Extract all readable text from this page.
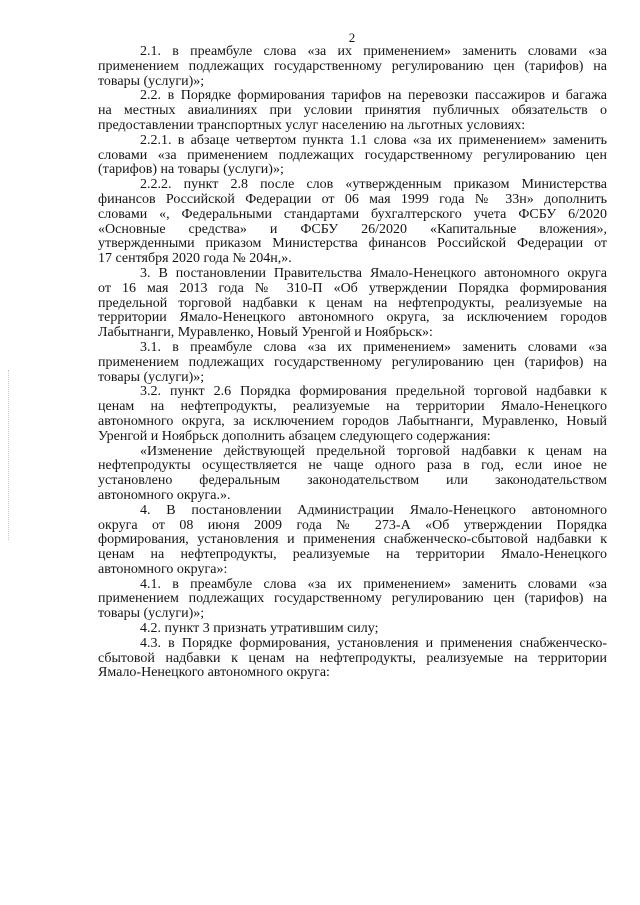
2
2.1. в преамбуле слова «за их применением» заменить словами «за
применением подлежащих государственному регулированию цен (тарифов) на
товары (услуги)»;
2.2. в Порядке формирования тарифов на перевозки пассажиров и багажа
на местных авиалиниях при условии принятия публичных обязательств о
предоставлении транспортных услуг населению на льготных условиях:
2.2.1. в абзаце четвертом пункта 1.1 слова «за их применением» заменить
словами «за применением подлежащих государственному регулированию цен
(тарифов) на товары (услуги)»;
2.2.2. пункт 2.8 после слов «утвержденным приказом Министерства
финансов Российской Федерации от 06 мая 1999 года № 33н» дополнить
словами «, Федеральными стандартами бухгалтерского учета ФСБУ 6/2020
«Основные средства» и ФСБУ 26/2020 «Капитальные вложения»,
утвержденными приказом Министерства финансов Российской Федерации от
17 сентября 2020 года № 204н,».
3. В постановлении Правительства Ямало-Ненецкого автономного округа
от 16 мая 2013 года № 310-П «Об утверждении Порядка формирования
предельной торговой надбавки к ценам на нефтепродукты, реализуемые на
территории Ямало-Ненецкого автономного округа, за исключением городов
Лабытнанги, Муравленко, Новый Уренгой и Ноябрьск»:
3.1. в преамбуле слова «за их применением» заменить словами «за
применением подлежащих государственному регулированию цен (тарифов) на
товары (услуги)»;
3.2. пункт 2.6 Порядка формирования предельной торговой надбавки к
ценам на нефтепродукты, реализуемые на территории Ямало-Ненецкого
автономного округа, за исключением городов Лабытнанги, Муравленко, Новый
Уренгой и Ноябрьск дополнить абзацем следующего содержания:
«Изменение действующей предельной торговой надбавки к ценам на
нефтепродукты осуществляется не чаще одного раза в год, если иное не
установлено федеральным законодательством или законодательством
автономного округа.».
4. В постановлении Администрации Ямало-Ненецкого автономного
округа от 08 июня 2009 года № 273-А «Об утверждении Порядка
формирования, установления и применения снабженческо-сбытовой надбавки к
ценам на нефтепродукты, реализуемые на территории Ямало-Ненецкого
автономного округа»:
4.1. в преамбуле слова «за их применением» заменить словами «за
применением подлежащих государственному регулированию цен (тарифов) на
товары (услуги)»;
4.2. пункт 3 признать утратившим силу;
4.3. в Порядке формирования, установления и применения снабженческо-
сбытовой надбавки к ценам на нефтепродукты, реализуемые на территории
Ямало-Ненецкого автономного округа:
